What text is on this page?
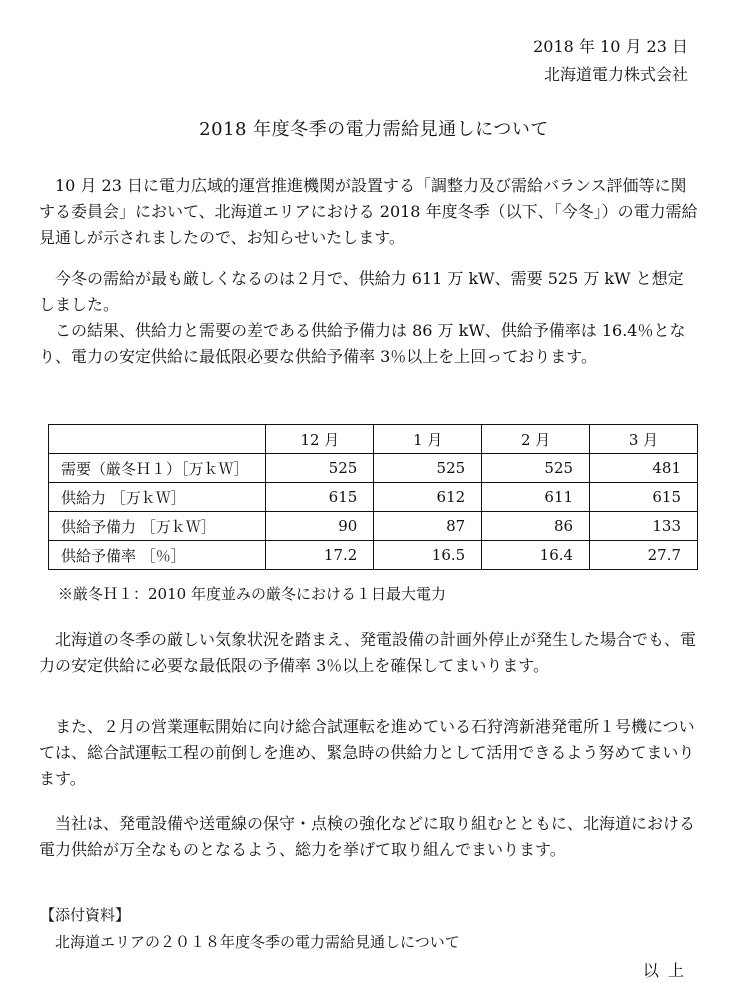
2018 年 10 月 23 日
北海道電力株式会社
2018 年度冬季の電力需給見通しについて

10 月 23 日に電力広域的運営推進機関が設置する「調整力及び需給バランス評価等に関する委員会」において、北海道エリアにおける 2018 年度冬季（以下、「今冬」）の電力需給見通しが示されましたので、お知らせいたします。

今冬の需給が最も厳しくなるのは２月で、供給力 611 万 kW、需要 525 万 kW と想定しました。

この結果、供給力と需要の差である供給予備力は 86 万 kW、供給予備率は 16.4％となり、電力の安定供給に最低限必要な供給予備率 3％以上を上回っております。

	12 月	1 月	2 月	3 月
需要（厳冬Ｈ１）［万ｋＷ］	525	525	525	481
供給力 ［万ｋＷ］	615	612	611	615
供給予備力 ［万ｋＷ］	90	87	86	133
供給予備率 ［％］	17.2	16.5	16.4	27.7
※厳冬Ｈ１：2010 年度並みの厳冬における１日最大電力

北海道の冬季の厳しい気象状況を踏まえ、発電設備の計画外停止が発生した場合でも、電力の安定供給に必要な最低限の予備率 3％以上を確保してまいります。

また、２月の営業運転開始に向け総合試運転を進めている石狩湾新港発電所１号機については、総合試運転工程の前倒しを進め、緊急時の供給力として活用できるよう努めてまいります。

当社は、発電設備や送電線の保守・点検の強化などに取り組むとともに、北海道における電力供給が万全なものとなるよう、総力を挙げて取り組んでまいります。

【添付資料】
北海道エリアの２０１８年度冬季の電力需給見通しについて
以 上
